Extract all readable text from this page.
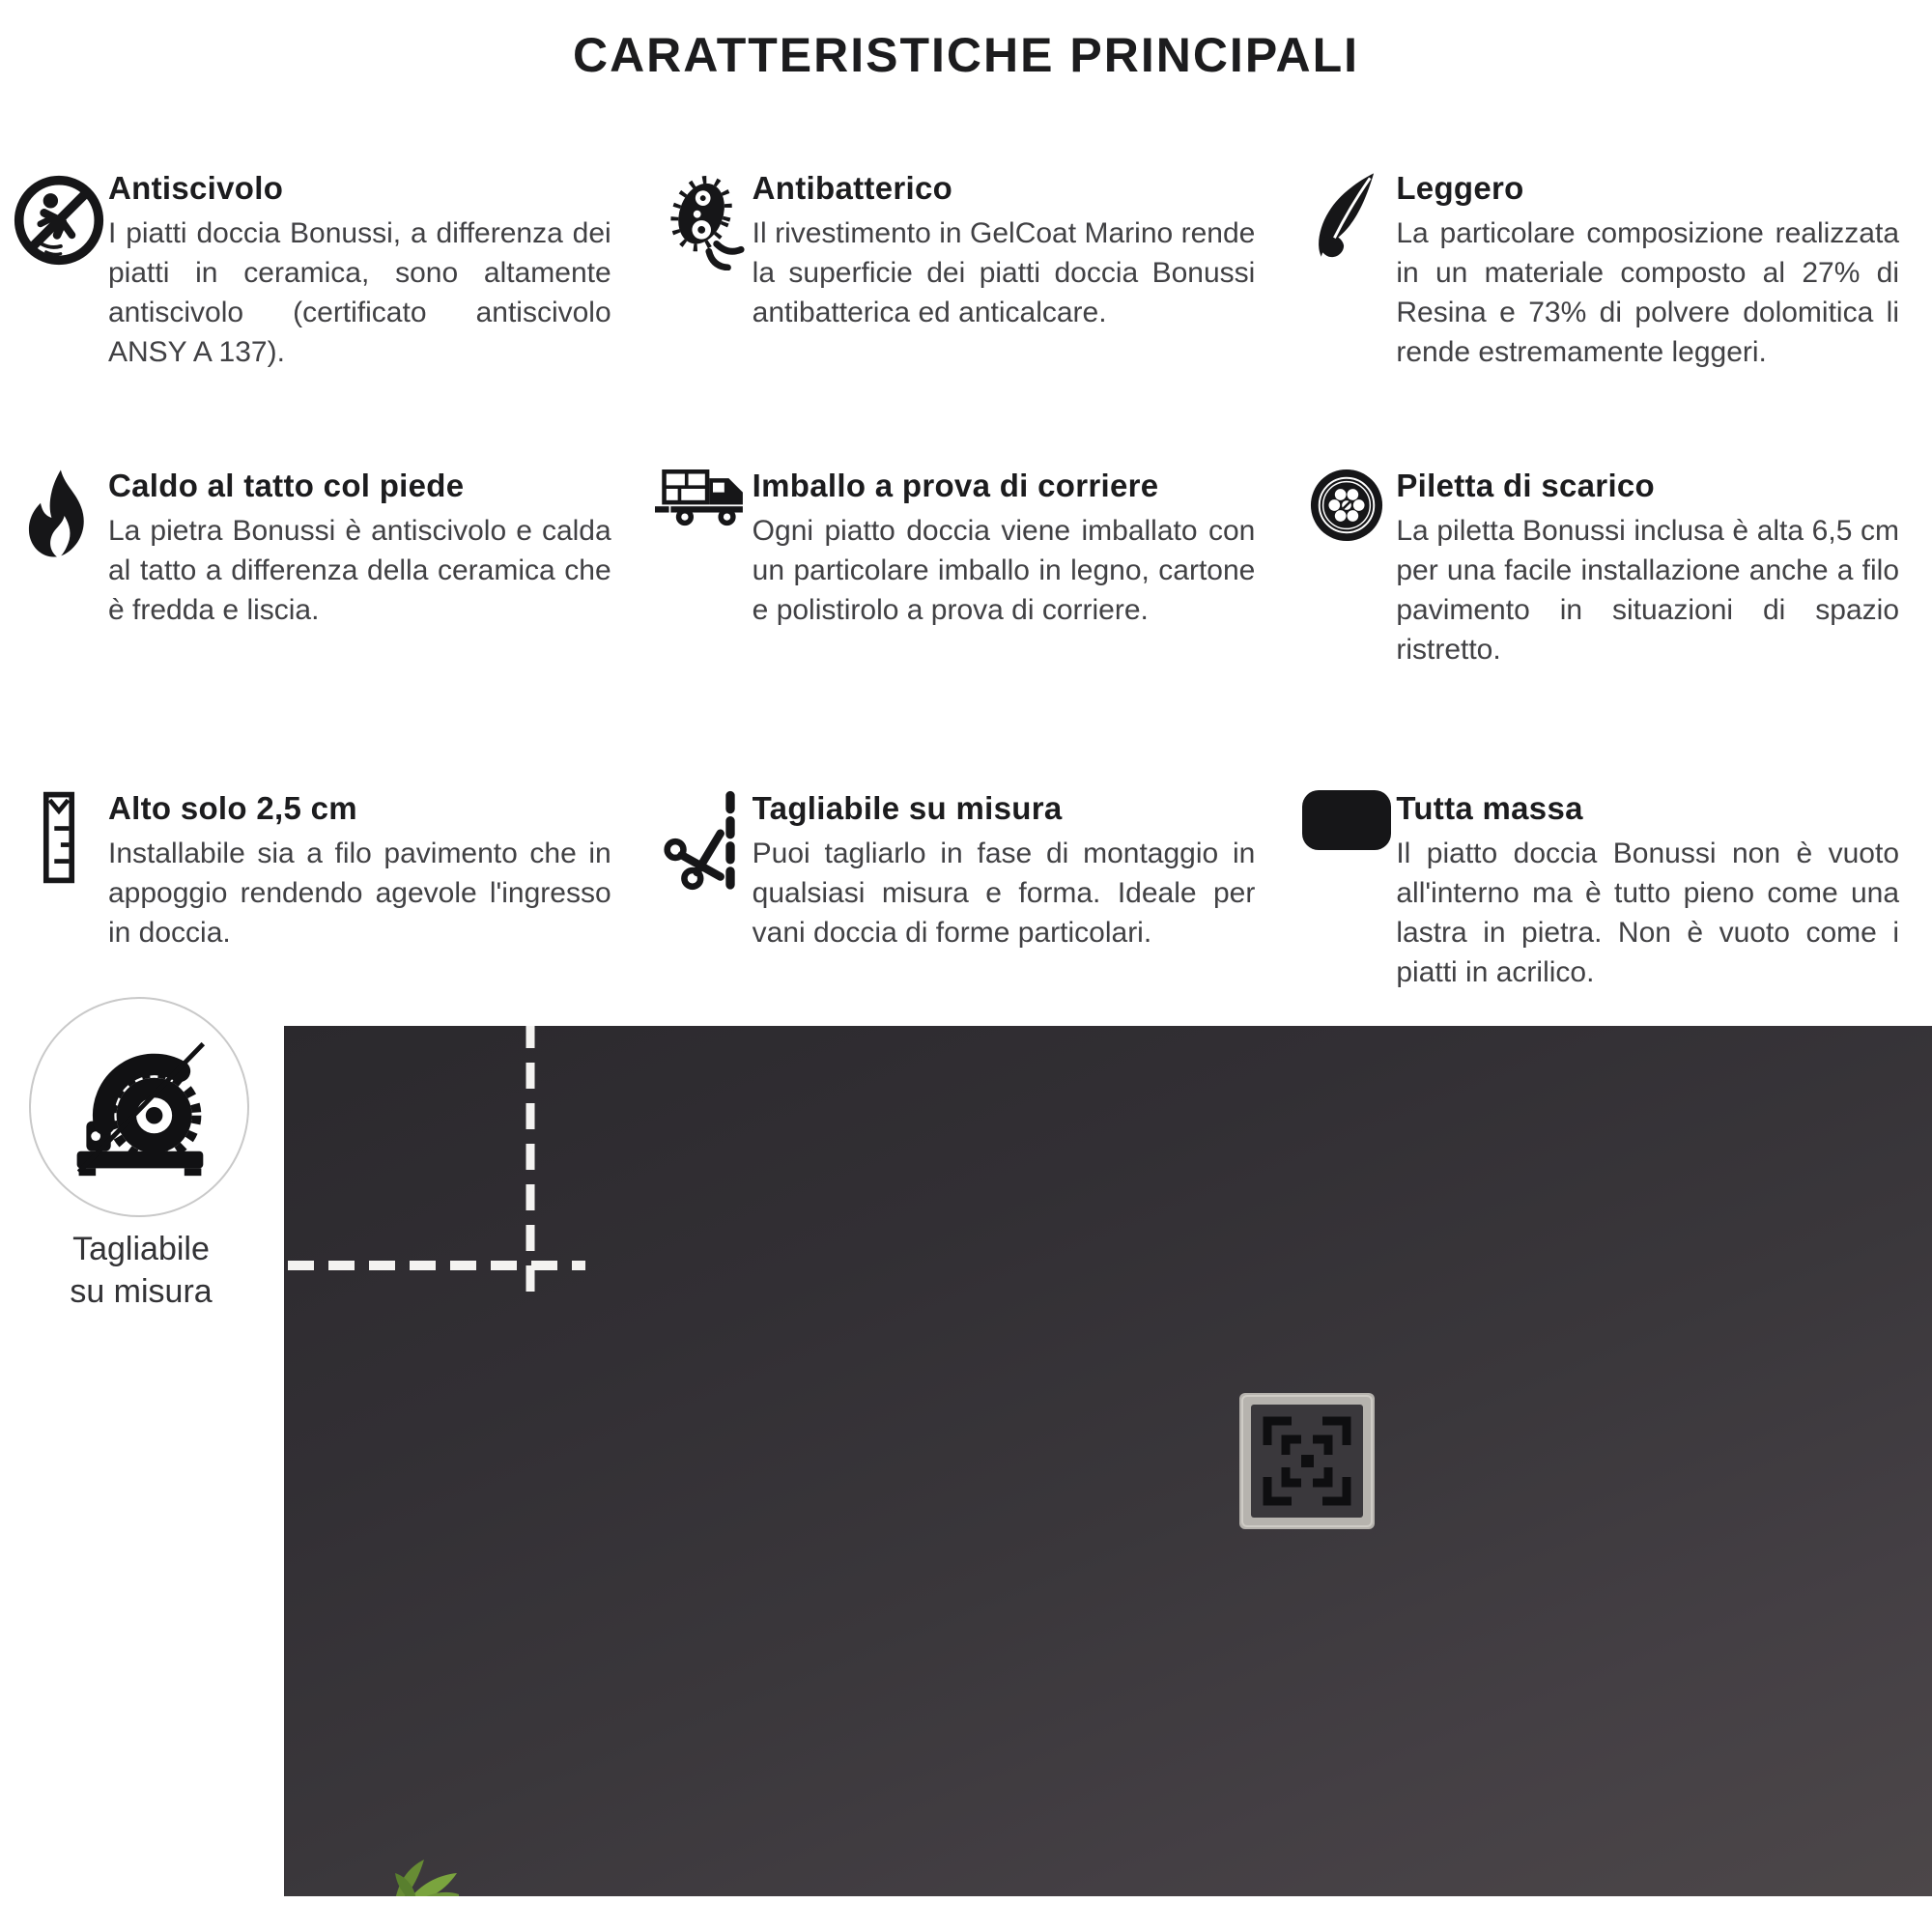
CARATTERISTICHE PRINCIPALI
Antiscivolo

I piatti doccia Bonussi, a differenza dei piatti in ceramica, sono altamente antiscivolo (certificato antiscivolo ANSY A 137).

Antibatterico

Il rivestimento in GelCoat Marino rende la superficie dei piatti doccia Bonussi antibatterica ed anticalcare.

Leggero

La particolare composizione realizzata in un materiale composto al 27% di Resina e 73% di polvere dolomitica li rende estremamente leggeri.

Caldo al tatto col piede

La pietra Bonussi è antiscivolo e calda al tatto a differenza della ceramica che è fredda e liscia.

Imballo a prova di corriere

Ogni piatto doccia viene imballato con un particolare imballo in legno, cartone e polistirolo a prova di corriere.

Piletta di scarico

La piletta Bonussi inclusa è alta 6,5 cm per una facile installazione anche a filo pavimento in situazioni di spazio ristretto.

Alto solo 2,5 cm

Installabile sia a filo pavimento che in appoggio rendendo agevole l'ingresso in doccia.

Tagliabile su misura

Puoi tagliarlo in fase di montaggio in qualsiasi misura e forma. Ideale per vani doccia di forme particolari.

Tutta massa

Il piatto doccia Bonussi non è vuoto all'interno ma è tutto pieno come una lastra in pietra. Non è vuoto come i piatti in acrilico.

Tagliabile
su misura
